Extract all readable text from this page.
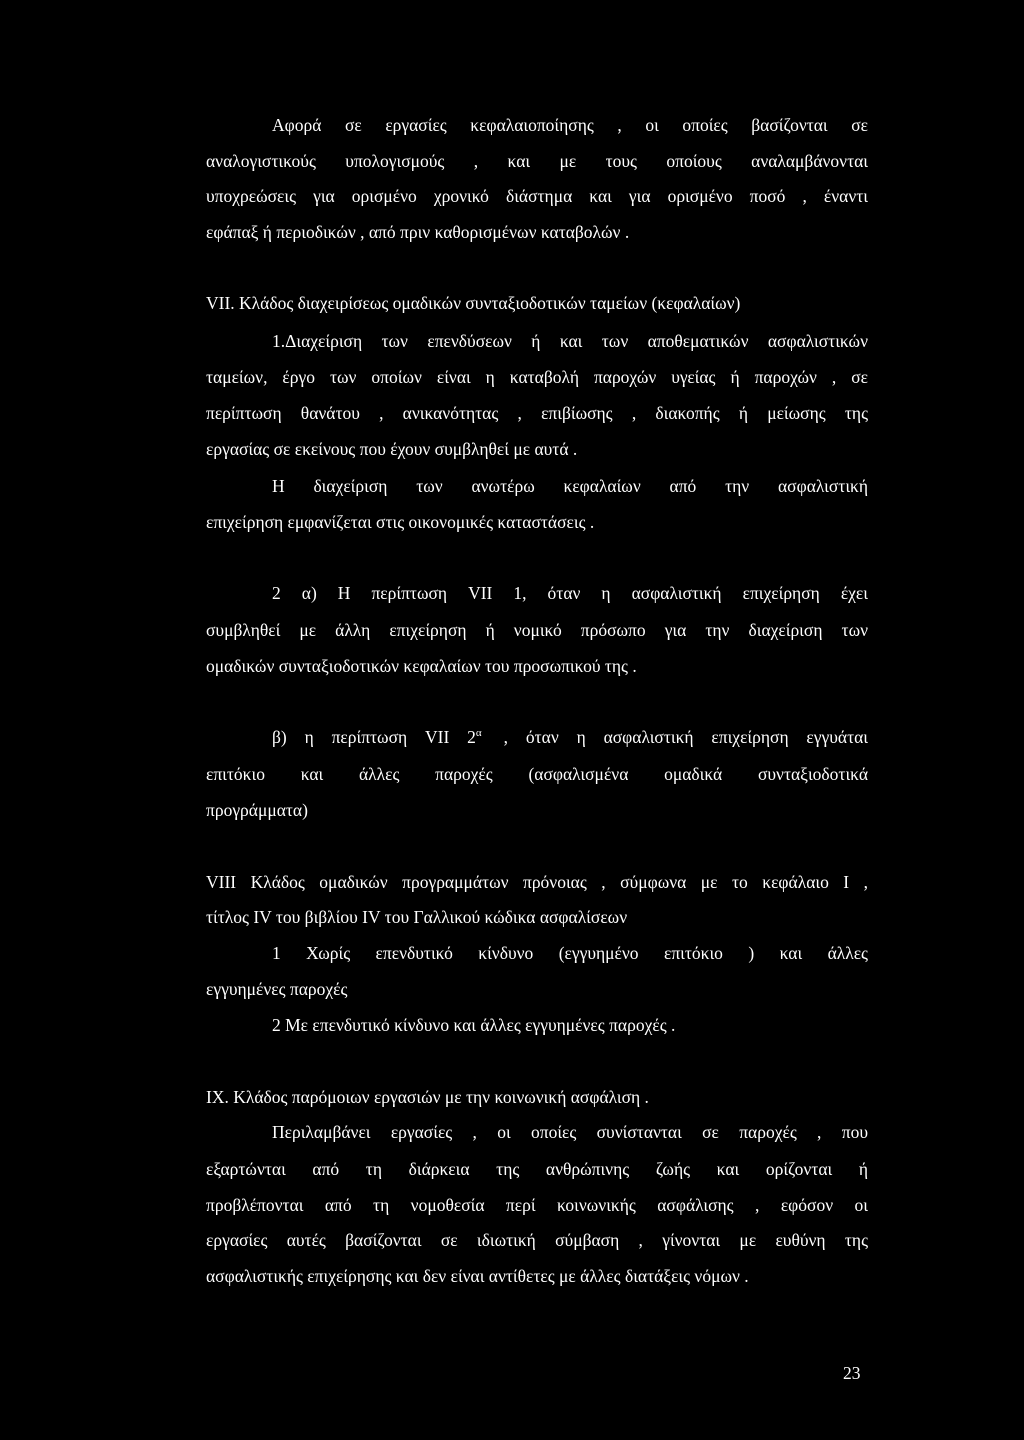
Αφορά σε εργασίες κεφαλαιοποίησης , οι οποίες βασίζονται σε
αναλογιστικούς υπολογισμούς , και με τους οποίους αναλαμβάνονται
υποχρεώσεις για ορισμένο χρονικό διάστημα και για ορισμένο ποσό , έναντι
εφάπαξ ή περιοδικών , από πριν καθορισμένων καταβολών .
VII. Κλάδος διαχειρίσεως ομαδικών συνταξιοδοτικών ταμείων (κεφαλαίων)
1.Διαχείριση των επενδύσεων ή και των αποθεματικών ασφαλιστικών
ταμείων, έργο των οποίων είναι η καταβολή παροχών υγείας ή παροχών , σε
περίπτωση θανάτου , ανικανότητας , επιβίωσης , διακοπής ή μείωσης της
εργασίας σε εκείνους που έχουν συμβληθεί με αυτά .
Η διαχείριση των ανωτέρω κεφαλαίων από την ασφαλιστική
επιχείρηση εμφανίζεται στις οικονομικές καταστάσεις .
2 α) Η περίπτωση VII 1, όταν η ασφαλιστική επιχείρηση έχει
συμβληθεί με άλλη επιχείρηση ή νομικό πρόσωπο για την διαχείριση των
ομαδικών συνταξιοδοτικών κεφαλαίων του προσωπικού της .
β) η περίπτωση VII $2^\alpha$ , όταν η ασφαλιστική επιχείρηση εγγυάται
επιτόκιο και άλλες παροχές (ασφαλισμένα ομαδικά συνταξιοδοτικά
προγράμματα)
VIII Κλάδος ομαδικών προγραμμάτων πρόνοιας , σύμφωνα με το κεφάλαιο Ι ,
τίτλος IV του βιβλίου IV του Γαλλικού κώδικα ασφαλίσεων
1 Χωρίς επενδυτικό κίνδυνο (εγγυημένο επιτόκιο ) και άλλες
εγγυημένες παροχές
2 Με επενδυτικό κίνδυνο και άλλες εγγυημένες παροχές .
IX. Κλάδος παρόμοιων εργασιών με την κοινωνική ασφάλιση .
Περιλαμβάνει εργασίες , οι οποίες συνίστανται σε παροχές , που
εξαρτώνται από τη διάρκεια της ανθρώπινης ζωής και ορίζονται ή
προβλέπονται από τη νομοθεσία περί κοινωνικής ασφάλισης , εφόσον οι
εργασίες αυτές βασίζονται σε ιδιωτική σύμβαση , γίνονται με ευθύνη της
ασφαλιστικής επιχείρησης και δεν είναι αντίθετες με άλλες διατάξεις νόμων .
23
